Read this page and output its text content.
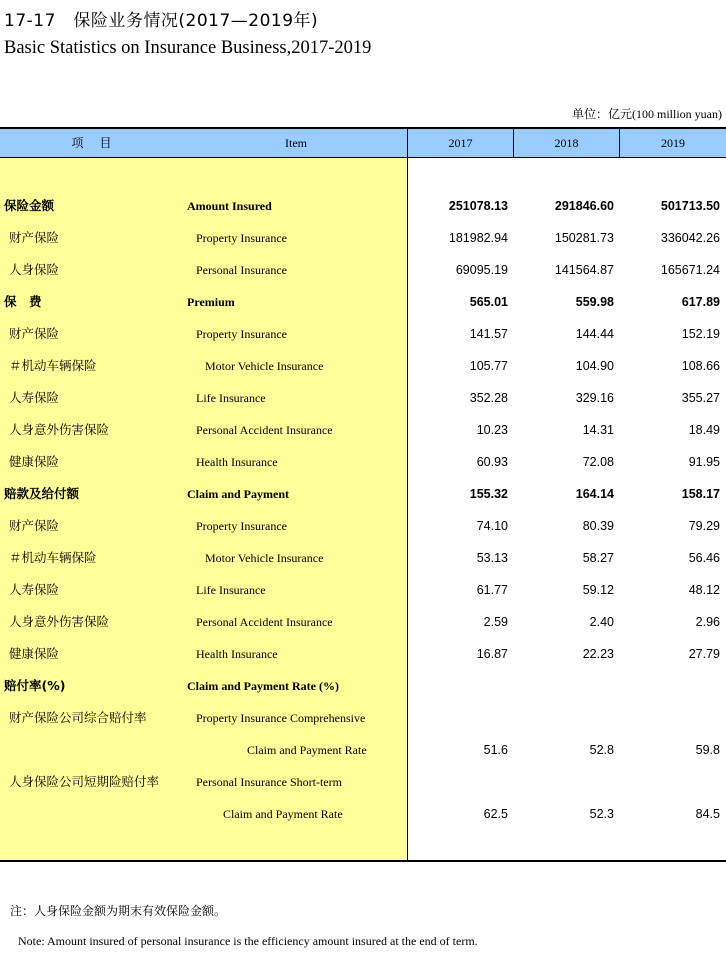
17-17　保险业务情况(2017—2019年)
Basic Statistics on Insurance Business,2017-2019
单位：亿元(100 million yuan)
项　目	Item	2017	2018	2019
保险金额	Amount Insured	251078.13	291846.60	501713.50
财产保险	Property Insurance	181982.94	150281.73	336042.26
人身保险	Personal Insurance	69095.19	141564.87	165671.24
保　费	Premium	565.01	559.98	617.89
财产保险	Property Insurance	141.57	144.44	152.19
＃机动车辆保险	Motor Vehicle Insurance	105.77	104.90	108.66
人寿保险	Life Insurance	352.28	329.16	355.27
人身意外伤害保险	Personal Accident Insurance	10.23	14.31	18.49
健康保险	Health Insurance	60.93	72.08	91.95
赔款及给付额	Claim and Payment	155.32	164.14	158.17
财产保险	Property Insurance	74.10	80.39	79.29
＃机动车辆保险	Motor Vehicle Insurance	53.13	58.27	56.46
人寿保险	Life Insurance	61.77	59.12	48.12
人身意外伤害保险	Personal Accident Insurance	2.59	2.40	2.96
健康保险	Health Insurance	16.87	22.23	27.79
赔付率(%)	Claim and Payment Rate (%)
财产保险公司综合赔付率	Property Insurance Comprehensive
Claim and Payment Rate	51.6	52.8	59.8
人身保险公司短期险赔付率	Personal Insurance Short-term
Claim and Payment Rate	62.5	52.3	84.5
注：人身保险金额为期末有效保险金额。
Note: Amount insured of personal insurance is the efficiency amount insured at the end of term.
